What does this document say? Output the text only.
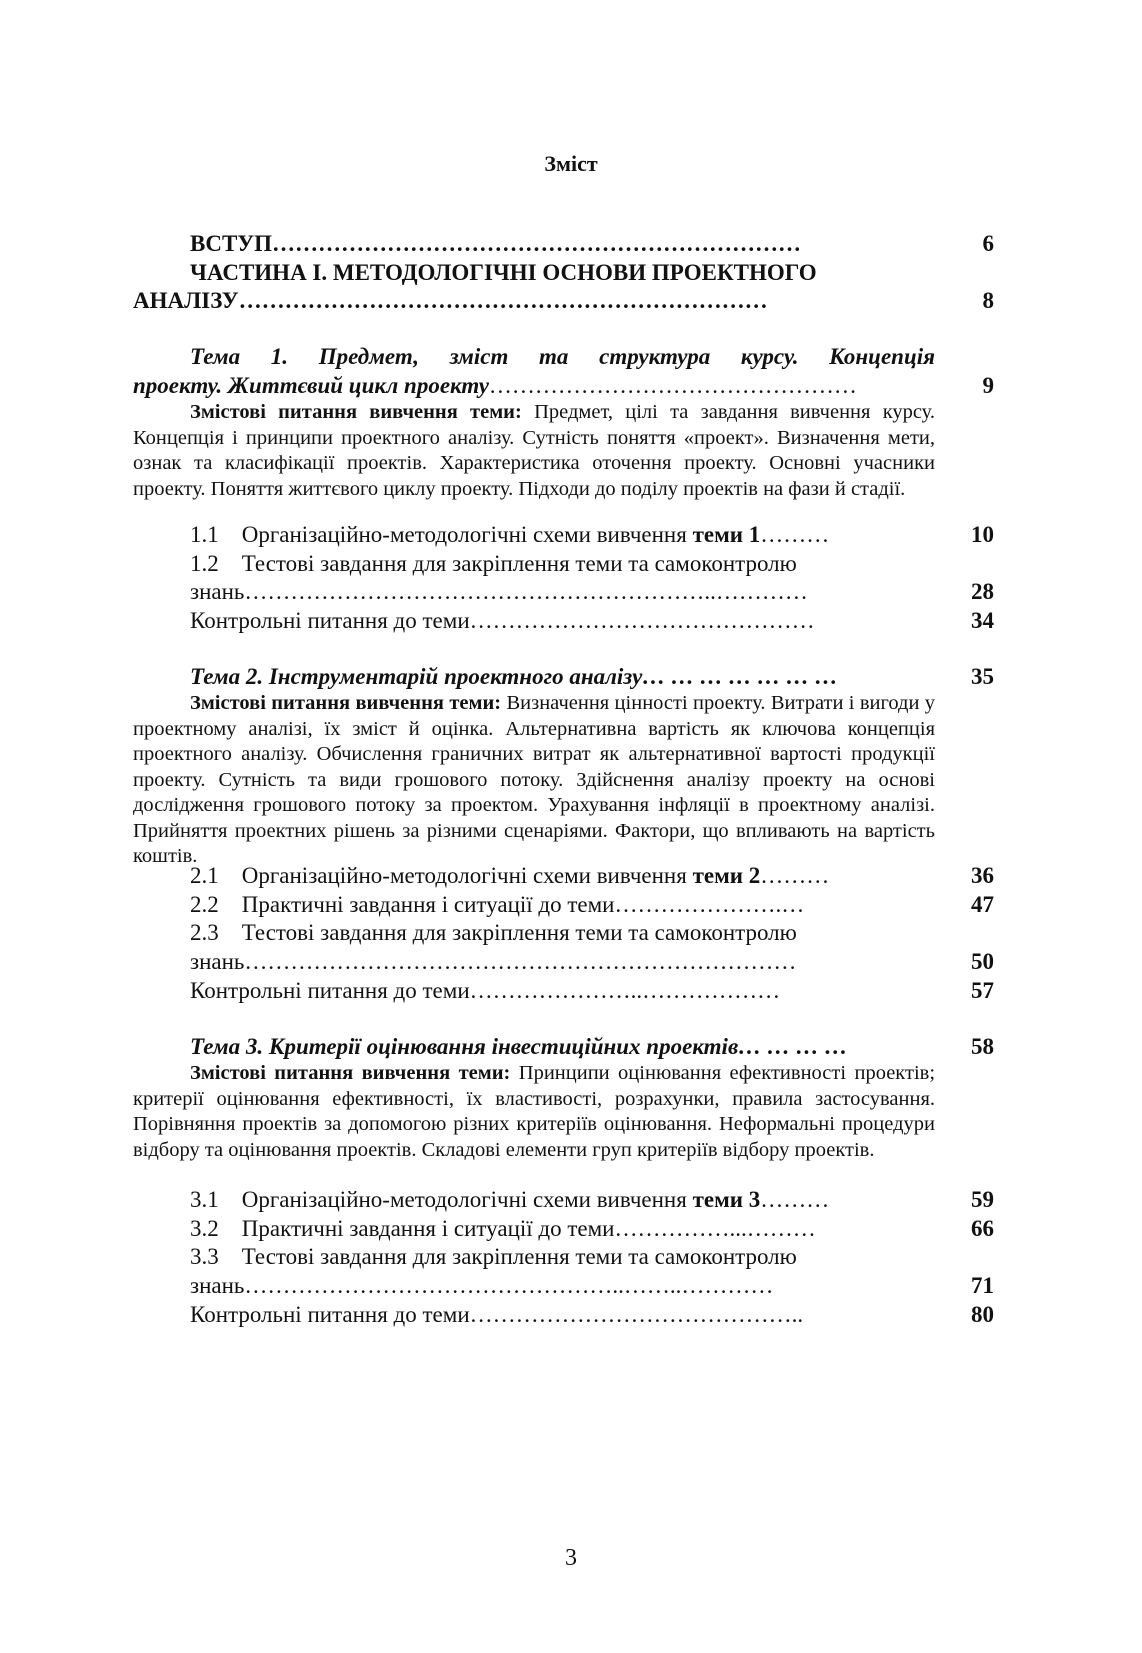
Зміст
ВСТУП……………………………………………………………	6
ЧАСТИНА І. МЕТОДОЛОГІЧНІ ОСНОВИ ПРОЕКТНОГО
АНАЛІЗУ……………………………………………………………	8
Тема 1. Предмет, зміст та структура курсу. Концепція
проекту. Життєвий цикл проекту…………………………………………	9
Змістові питання вивчення теми: Предмет, цілі та завдання вивчення курсу. Концепція і принципи проектного аналізу. Сутність поняття «проект». Визначення мети, ознак та класифікації проектів. Характеристика оточення проекту. Основні учасники проекту. Поняття життєвого циклу проекту. Підходи до поділу проектів на фази й стадії.
1.1 Організаційно-методологічні схеми вивчення теми 1………	10
1.2 Тестові завдання для закріплення теми та самоконтролю
знань……………………………………………………..…………	28
Контрольні питання до теми………………………………………	34
Тема 2. Інструментарій проектного аналізу… … … … … … …	35
Змістові питання вивчення теми: Визначення цінності проекту. Витрати і вигоди у проектному аналізі, їх зміст й оцінка. Альтернативна вартість як ключова концепція проектного аналізу. Обчислення граничних витрат як альтернативної вартості продукції проекту. Сутність та види грошового потоку. Здійснення аналізу проекту на основі дослідження грошового потоку за проектом. Урахування інфляції в проектному аналізі. Прийняття проектних рішень за різними сценаріями. Фактори, що впливають на вартість коштів.
2.1 Організаційно-методологічні схеми вивчення теми 2………	36
2.2 Практичні завдання і ситуації до теми………………….…	47
2.3 Тестові завдання для закріплення теми та самоконтролю
знань………………………………………………………………	50
Контрольні питання до теми…………………..………………	57
Тема 3. Критерії оцінювання інвестиційних проектів… … … …	58
Змістові питання вивчення теми: Принципи оцінювання ефективності проектів; критерії оцінювання ефективності, їх властивості, розрахунки, правила застосування. Порівняння проектів за допомогою різних критеріїв оцінювання. Неформальні процедури відбору та оцінювання проектів. Складові елементи груп критеріїв відбору проектів.
3.1 Організаційно-методологічні схеми вивчення теми 3………	59
3.2 Практичні завдання і ситуації до теми……………...………	66
3.3 Тестові завдання для закріплення теми та самоконтролю
знань…………………………………………..……..…………	71
Контрольні питання до теми……………………………………..	80
3
